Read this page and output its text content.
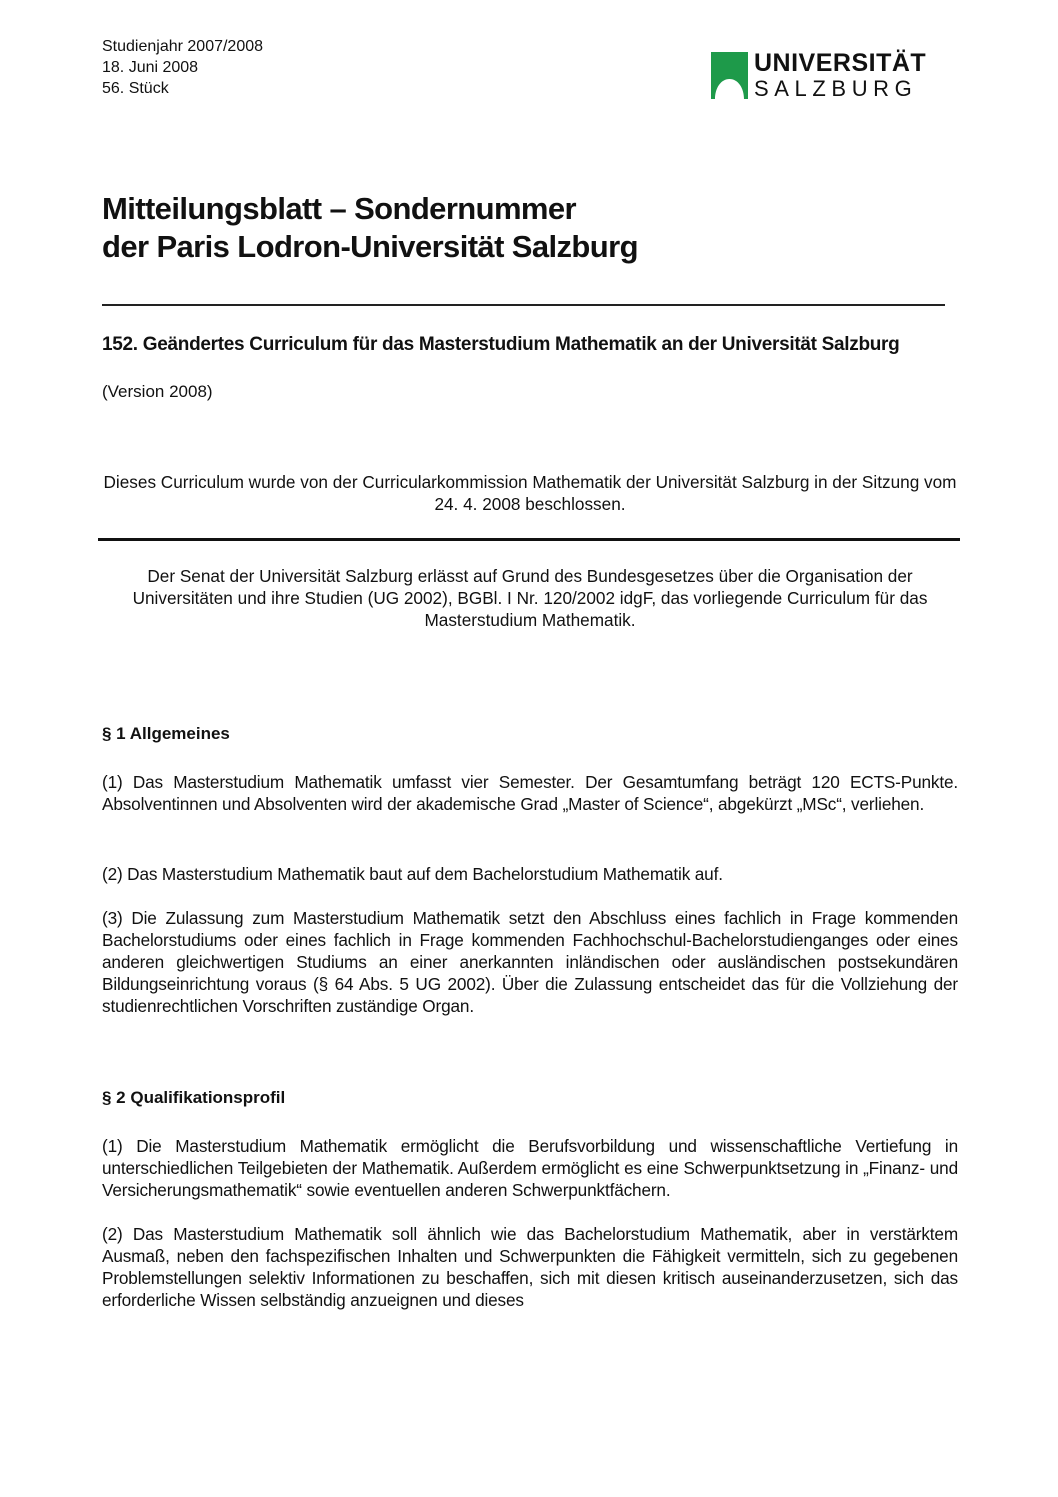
Studienjahr 2007/2008
18. Juni 2008
56. Stück
UNIVERSITÄT
SALZBURG
Mitteilungsblatt – Sondernummer
der Paris Lodron-Universität Salzburg
152. Geändertes Curriculum für das Masterstudium Mathematik an der Universität Salzburg
(Version 2008)
Dieses Curriculum wurde von der Curricularkommission Mathematik der Universität Salzburg in der Sitzung vom 24. 4. 2008 beschlossen.
Der Senat der Universität Salzburg erlässt auf Grund des Bundesgesetzes über die Organisation der Universitäten und ihre Studien (UG 2002), BGBl. I Nr. 120/2002 idgF, das vorliegende Curriculum für das Masterstudium Mathematik.
§ 1 Allgemeines
(1) Das Masterstudium Mathematik umfasst vier Semester. Der Gesamtumfang beträgt 120 ECTS-Punkte. Absolventinnen und Absolventen wird der akademische Grad „Master of Science“, abgekürzt „MSc“, verliehen.
(2) Das Masterstudium Mathematik baut auf dem Bachelorstudium Mathematik auf.
(3) Die Zulassung zum Masterstudium Mathematik setzt den Abschluss eines fachlich in Frage kommenden Bachelorstudiums oder eines fachlich in Frage kommenden Fachhochschul-Bachelorstudienganges oder eines anderen gleichwertigen Studiums an einer anerkannten inländischen oder ausländischen postsekundären Bildungseinrichtung voraus (§ 64 Abs. 5 UG 2002). Über die Zulassung entscheidet das für die Vollziehung der studienrechtlichen Vorschriften zuständige Organ.
§ 2 Qualifikationsprofil
(1) Die Masterstudium Mathematik ermöglicht die Berufsvorbildung und wissenschaftliche Vertiefung in unterschiedlichen Teilgebieten der Mathematik. Außerdem ermöglicht es eine Schwerpunktsetzung in „Finanz- und Versicherungsmathematik“ sowie eventuellen anderen Schwerpunktfächern.
(2) Das Masterstudium Mathematik soll ähnlich wie das Bachelorstudium Mathematik, aber in verstärktem Ausmaß, neben den fachspezifischen Inhalten und Schwerpunkten die Fähigkeit vermitteln, sich zu gegebenen Problemstellungen selektiv Informationen zu beschaffen, sich mit diesen kritisch auseinanderzusetzen, sich das erforderliche Wissen selbständig anzueignen und dieses
